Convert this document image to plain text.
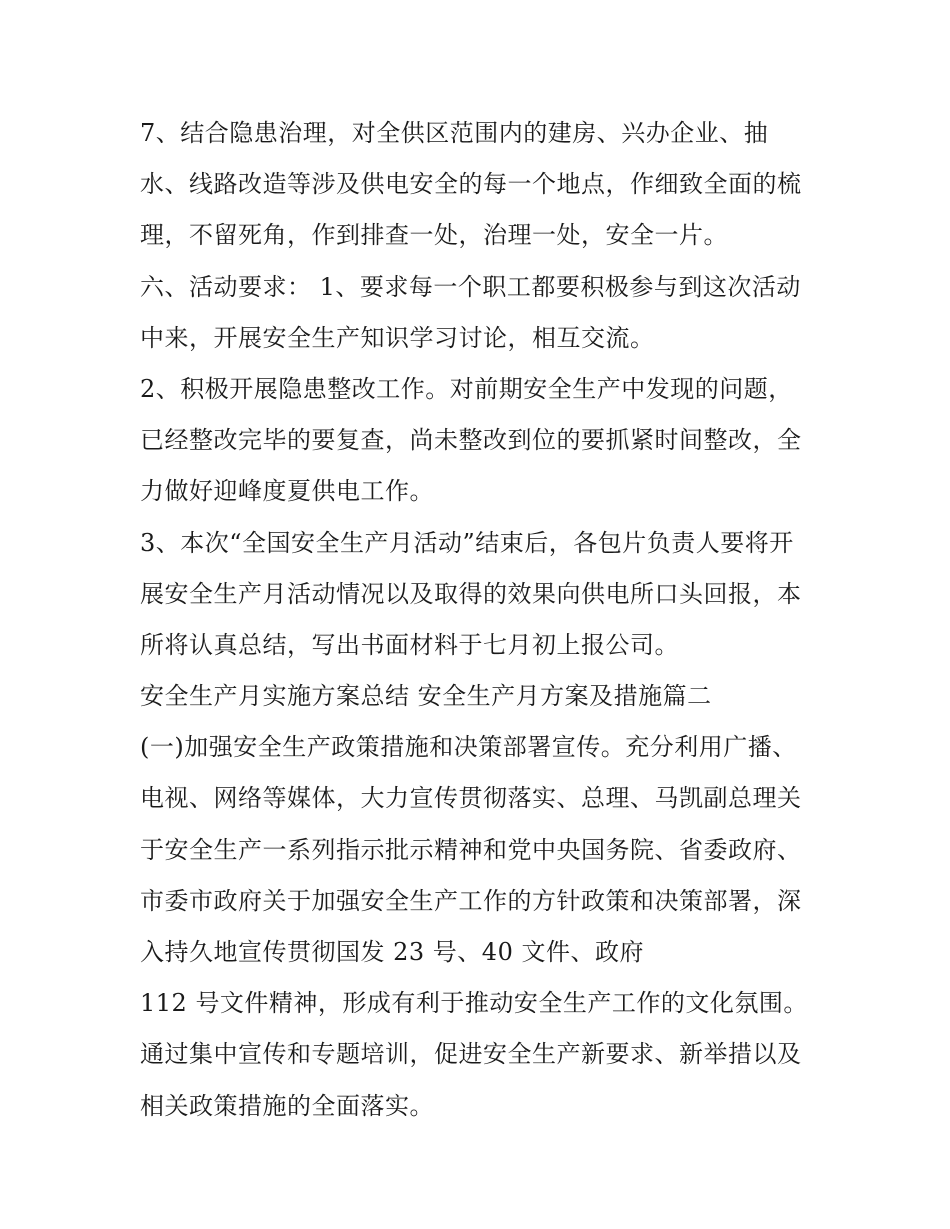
7、结合隐患治理，对全供区范围内的建房、兴办企业、抽
水、线路改造等涉及供电安全的每一个地点，作细致全面的梳
理，不留死角，作到排查一处，治理一处，安全一片。
六、活动要求： 1、要求每一个职工都要积极参与到这次活动
中来，开展安全生产知识学习讨论，相互交流。
2、积极开展隐患整改工作。对前期安全生产中发现的问题，
已经整改完毕的要复查，尚未整改到位的要抓紧时间整改，全
力做好迎峰度夏供电工作。
3、本次“全国安全生产月活动”结束后，各包片负责人要将开
展安全生产月活动情况以及取得的效果向供电所口头回报，本
所将认真总结，写出书面材料于七月初上报公司。
安全生产月实施方案总结 安全生产月方案及措施篇二
(一)加强安全生产政策措施和决策部署宣传。充分利用广播、
电视、网络等媒体，大力宣传贯彻落实、总理、马凯副总理关
于安全生产一系列指示批示精神和党中央国务院、省委政府、
市委市政府关于加强安全生产工作的方针政策和决策部署，深
入持久地宣传贯彻国发 23 号、40 文件、政府
112 号文件精神，形成有利于推动安全生产工作的文化氛围。
通过集中宣传和专题培训，促进安全生产新要求、新举措以及
相关政策措施的全面落实。
